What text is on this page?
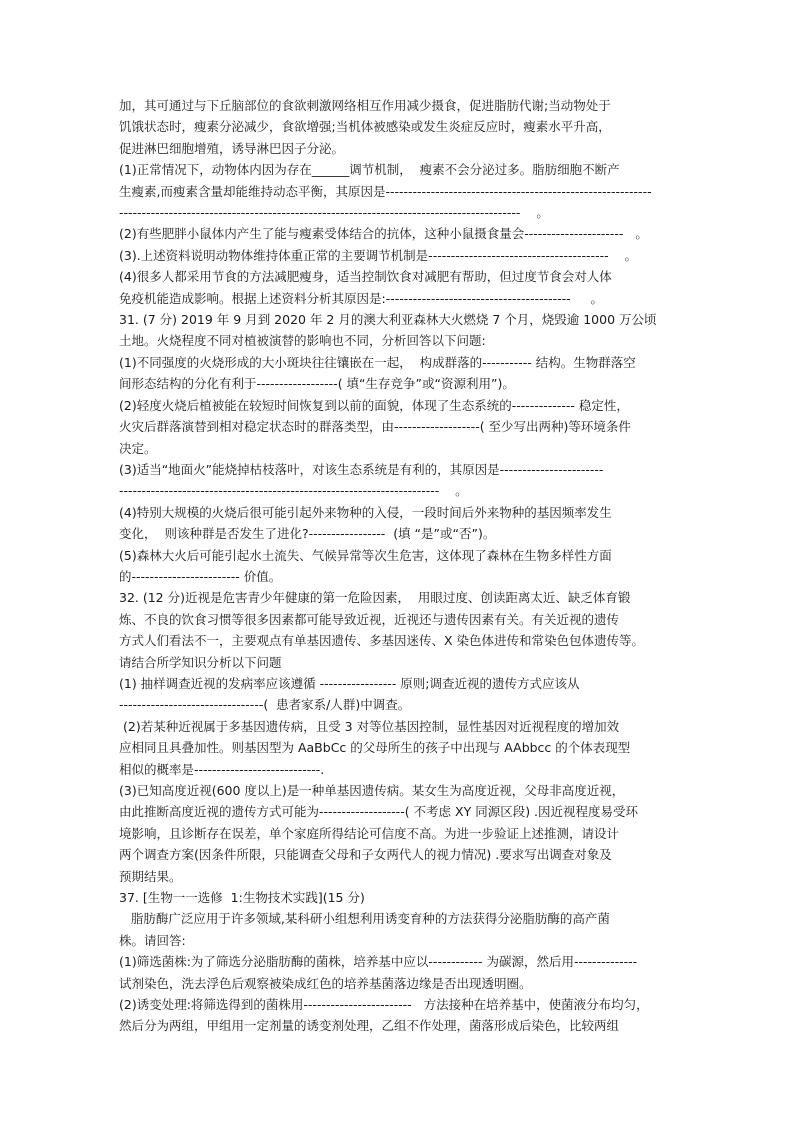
加，其可通过与下丘脑部位的食欲刺激网络相互作用减少摄食，促进脂肪代谢;当动物处于

饥饿状态时，瘦素分泌减少，食欲增强;当机体被感染或发生炎症反应时，瘦素水平升高，

促进淋巴细胞增殖，诱导淋巴因子分泌。

(1)正常情况下，动物体内因为存在______调节机制，  瘦素不会分泌过多。脂肪细胞不断产

生瘦素,而瘦素含量却能维持动态平衡，其原因是-----------------------------------------------------------

-----------------------------------------------------------------------------------------    。

(2)有些肥胖小鼠体内产生了能与瘦素受体结合的抗体，这种小鼠摄食量会----------------------   。

(3).上述资料说明动物体维持体重正常的主要调节机制是----------------------------------------    。

(4)很多人都采用节食的方法减肥瘦身，适当控制饮食对减肥有帮助，但过度节食会对人体

免疫机能造成影响。根据上述资料分析其原因是:-----------------------------------------     。

31. (7 分) 2019 年 9 月到 2020 年 2 月的澳大利亚森林大火燃烧 7 个月，烧毁逾 1000 万公顷

土地。火烧程度不同对植被演替的影响也不同，分析回答以下问题:

(1)不同强度的火烧形成的大小斑块往往镶嵌在一起，  构成群落的----------- 结构。生物群落空

间形态结构的分化有利于------------------( 填“生存竞争”或“资源利用”)。

(2)轻度火烧后植被能在较短时间恢复到以前的面貌，体现了生态系统的-------------- 稳定性，

火灾后群落演替到相对稳定状态时的群落类型，由-------------------( 至少写出两种)等环境条件

决定。

(3)适当“地面火”能烧掉枯枝落叶，对该生态系统是有利的，其原因是-----------------------

-----------------------------------------------------------------------    。

(4)特别大规模的火烧后很可能引起外来物种的入侵，一段时间后外来物种的基因频率发生

变化，  则该种群是否发生了进化?-----------------  (填 “是”或“否”)。

(5)森林大火后可能引起水土流失、气候异常等次生危害，这体现了森林在生物多样性方面

的------------------------ 价值。

32. (12 分)近视是危害青少年健康的第一危险因素，  用眼过度、创读距离太近、缺乏体育锻

炼、不良的饮食习惯等很多因素都可能导致近视，近视还与遗传因素有关。有关近视的遗传

方式人们看法不一，主要观点有单基因遗传、多基因迷传、X 染色体进传和常染色包体遗传等。

请结合所学知识分析以下问题

(1) 抽样调查近视的发病率应该遵循 ----------------- 原则;调查近视的遗传方式应该从

--------------------------------(  患者家系/人群)中调查。

(2)若某种近视属于多基因遗传病，且受 3 对等位基因控制，显性基因对近视程度的增加效

应相同且具叠加性。则基因型为 AaBbCc 的父母所生的孩子中出现与 AAbbcc 的个体表现型

相似的概率是----------------------------.

(3)已知高度近视(600 度以上)是一种单基因遗传病。某女生为高度近视，父母非高度近视，

由此推断高度近视的遗传方式可能为-------------------( 不考虑 XY 同源区段) .因近视程度易受环

境影响，且诊断存在误差，单个家庭所得结论可信度不高。为进一步验证上述推测，请设计

两个调查方案(因条件所限，只能调查父母和子女两代人的视力情况) .要求写出调查对象及

预期结果。

37. [生物一一选修  1:生物技术实践](15 分)

脂肪酶广泛应用于许多领域,某科研小组想利用诱变育种的方法获得分泌脂肪酶的高产菌

株。请回答:

(1)筛选菌株:为了筛选分泌脂肪酶的菌株，培养基中应以------------ 为碳源，然后用--------------

试剂染色，洗去浮色后观察被染成红色的培养基菌落边缘是否出现透明圈。

(2)诱变处理:将筛选得到的菌株用------------------------   方法接种在培养基中，使菌液分布均匀，

然后分为两组，甲组用一定剂量的诱变剂处理，乙组不作处理，菌落形成后染色，比较两组
